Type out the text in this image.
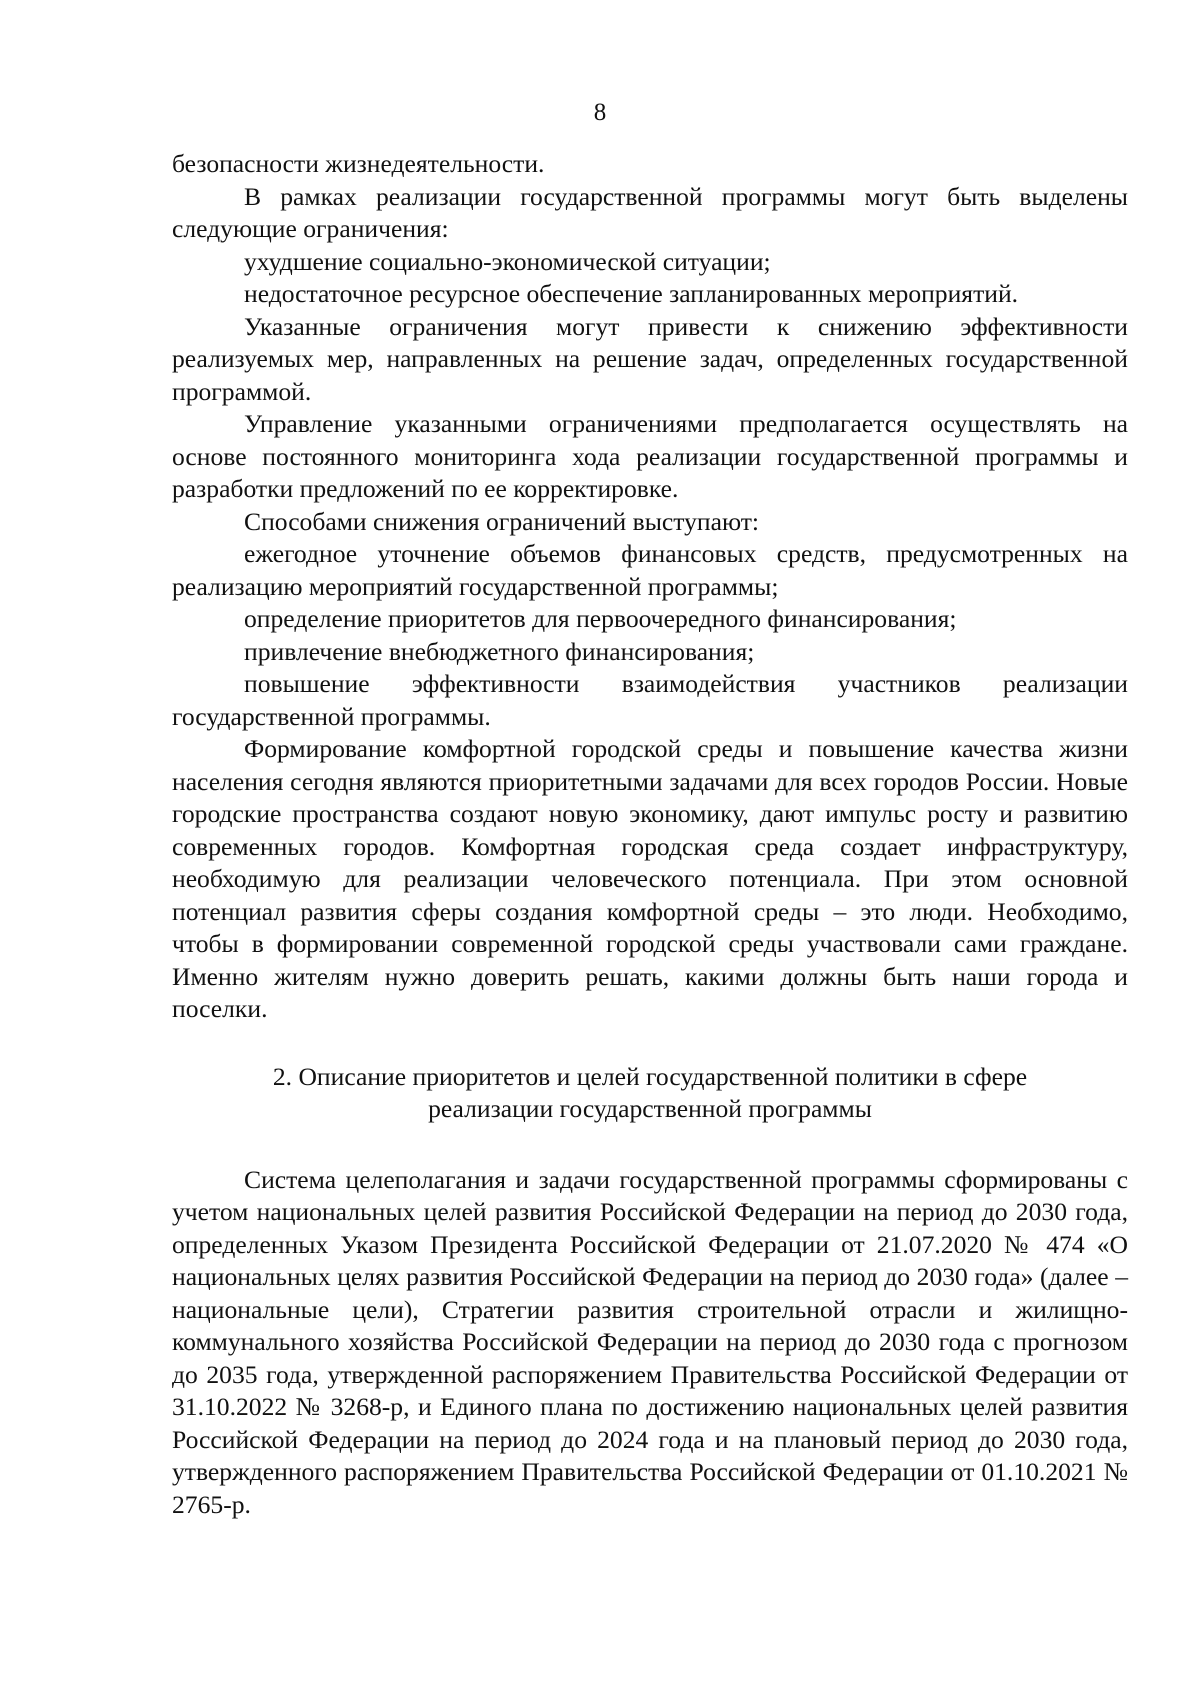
8

безопасности жизнедеятельности.

В рамках реализации государственной программы могут быть выделены следующие ограничения:

ухудшение социально-экономической ситуации;

недостаточное ресурсное обеспечение запланированных мероприятий.

Указанные ограничения могут привести к снижению эффективности реализуемых мер, направленных на решение задач, определенных государственной программой.

Управление указанными ограничениями предполагается осуществлять на основе постоянного мониторинга хода реализации государственной программы и разработки предложений по ее корректировке.

Способами снижения ограничений выступают:

ежегодное уточнение объемов финансовых средств, предусмотренных на реализацию мероприятий государственной программы;

определение приоритетов для первоочередного финансирования;

привлечение внебюджетного финансирования;

повышение эффективности взаимодействия участников реализации государственной программы.

Формирование комфортной городской среды и повышение качества жизни населения сегодня являются приоритетными задачами для всех городов России. Новые городские пространства создают новую экономику, дают импульс росту и развитию современных городов. Комфортная городская среда создает инфраструктуру, необходимую для реализации человеческого потенциала. При этом основной потенциал развития сферы создания комфортной среды – это люди. Необходимо, чтобы в формировании современной городской среды участвовали сами граждане. Именно жителям нужно доверить решать, какими должны быть наши города и поселки.

2. Описание приоритетов и целей государственной политики в сфере
реализации государственной программы

Система целеполагания и задачи государственной программы сформированы с учетом национальных целей развития Российской Федерации на период до 2030 года, определенных Указом Президента Российской Федерации от 21.07.2020 № 474 «О национальных целях развития Российской Федерации на период до 2030 года» (далее – национальные цели), Стратегии развития строительной отрасли и жилищно-коммунального хозяйства Российской Федерации на период до 2030 года с прогнозом до 2035 года, утвержденной распоряжением Правительства Российской Федерации от 31.10.2022 № 3268-р, и Единого плана по достижению национальных целей развития Российской Федерации на период до 2024 года и на плановый период до 2030 года, утвержденного распоряжением Правительства Российской Федерации от 01.10.2021 № 2765-р.
